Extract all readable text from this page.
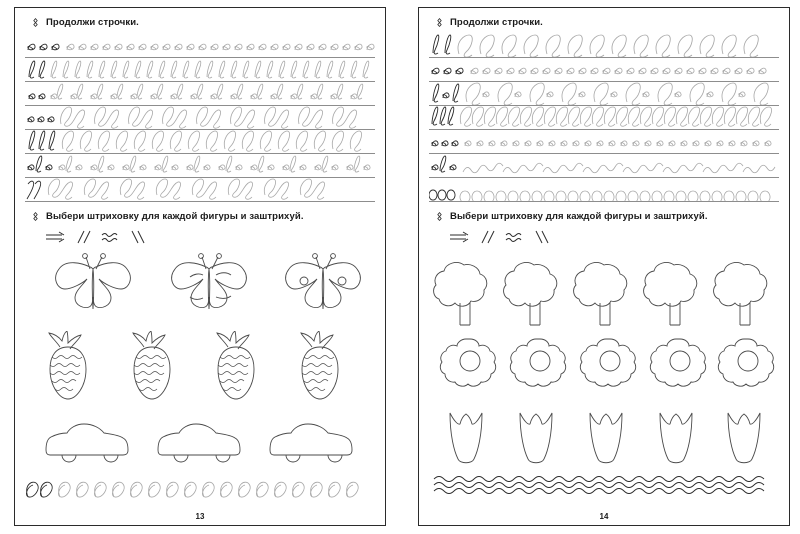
Продолжи строчки.
Выбери штриховку для каждой фигуры и заштрихуй.
13
Продолжи строчки.
Выбери штриховку для каждой фигуры и заштрихуй.
14
